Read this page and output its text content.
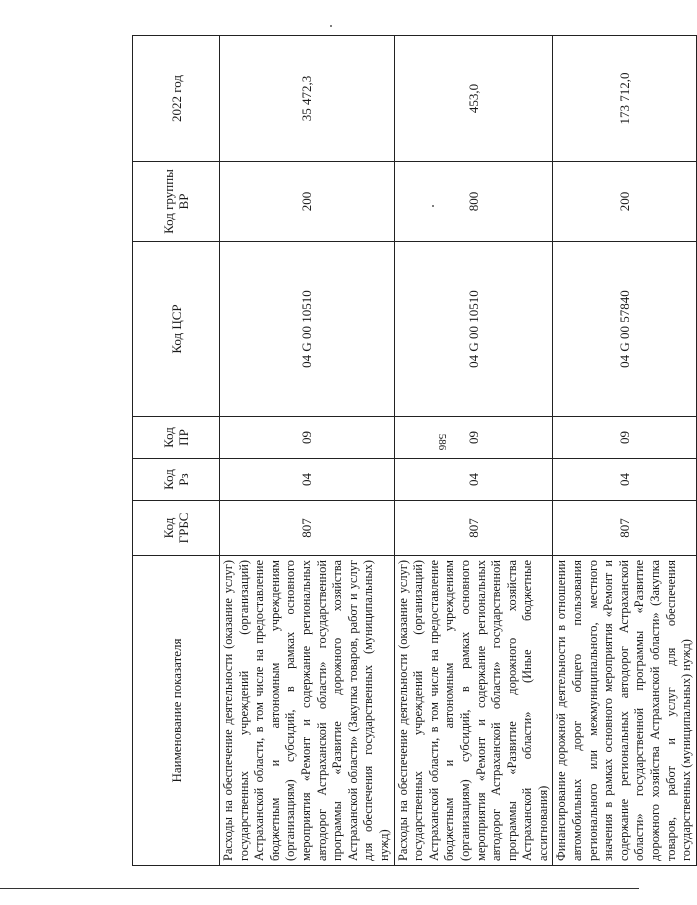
586
Наименование показателя	Код ГРБС	Код Рз	Код ПР	Код ЦСР	Код группы ВР	2022 год
Расходы на обеспечение деятельности (оказание услуг) государственных учреждений (организаций) Астраханской области, в том числе на предоставление бюджетным и автономным учреждениям (организациям) субсидий, в рамках основного мероприятия «Ремонт и содержание региональных автодорог Астраханской области» государственной программы «Развитие дорожного хозяйства Астраханской области» (Закупка товаров, работ и услуг для обеспечения государственных (муниципальных) нужд)	807	04	09	04 G 00 10510	200	35 472,3
Расходы на обеспечение деятельности (оказание услуг) государственных учреждений (организаций) Астраханской области, в том числе на предоставление бюджетным и автономным учреждениям (организациям) субсидий, в рамках основного мероприятия «Ремонт и содержание региональных автодорог Астраханской области» государственной программы «Развитие дорожного хозяйства Астраханской области» (Иные бюджетные ассигнования)	807	04	09	04 G 00 10510	800	453,0
Финансирование дорожной деятельности в отношении автомобильных дорог общего пользования регионального или межмуниципального, местного значения в рамках основного мероприятия «Ремонт и содержание региональных автодорог Астраханской области» государственной программы «Развитие дорожного хозяйства Астраханской области» (Закупка товаров, работ и услуг для обеспечения государственных (муниципальных) нужд)	807	04	09	04 G 00 57840	200	173 712,0
